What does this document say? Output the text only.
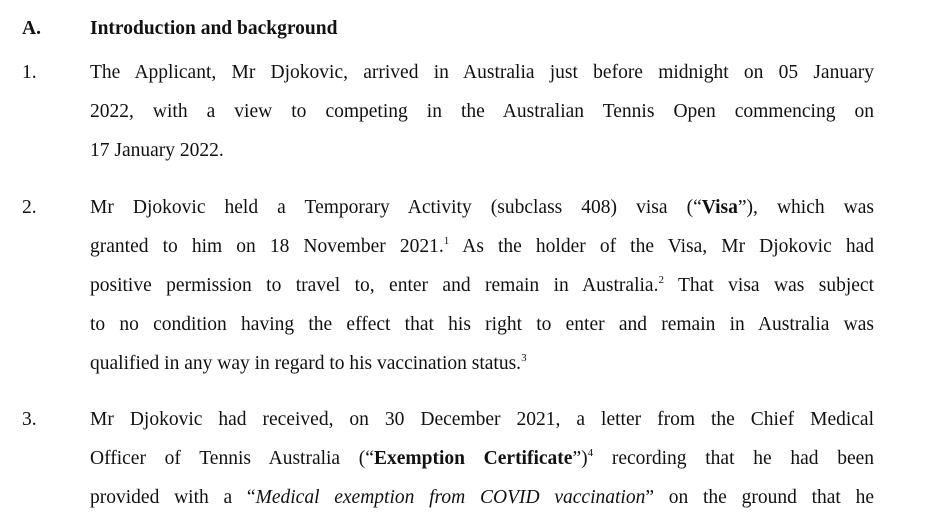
A.	Introduction and background
1.	The Applicant, Mr Djokovic, arrived in Australia just before midnight on 05 January
2022, with a view to competing in the Australian Tennis Open commencing on
17 January 2022.
2.	Mr Djokovic held a Temporary Activity (subclass 408) visa (“Visa”), which was
granted to him on 18 November 2021.$^1$ As the holder of the Visa, Mr Djokovic had
positive permission to travel to, enter and remain in Australia.$^2$ That visa was subject
to no condition having the effect that his right to enter and remain in Australia was
qualified in any way in regard to his vaccination status.$^3$
3.	Mr Djokovic had received, on 30 December 2021, a letter from the Chief Medical
Officer of Tennis Australia (“Exemption Certificate”)$^4$ recording that he had been
provided with a “Medical exemption from COVID vaccination” on the ground that he
